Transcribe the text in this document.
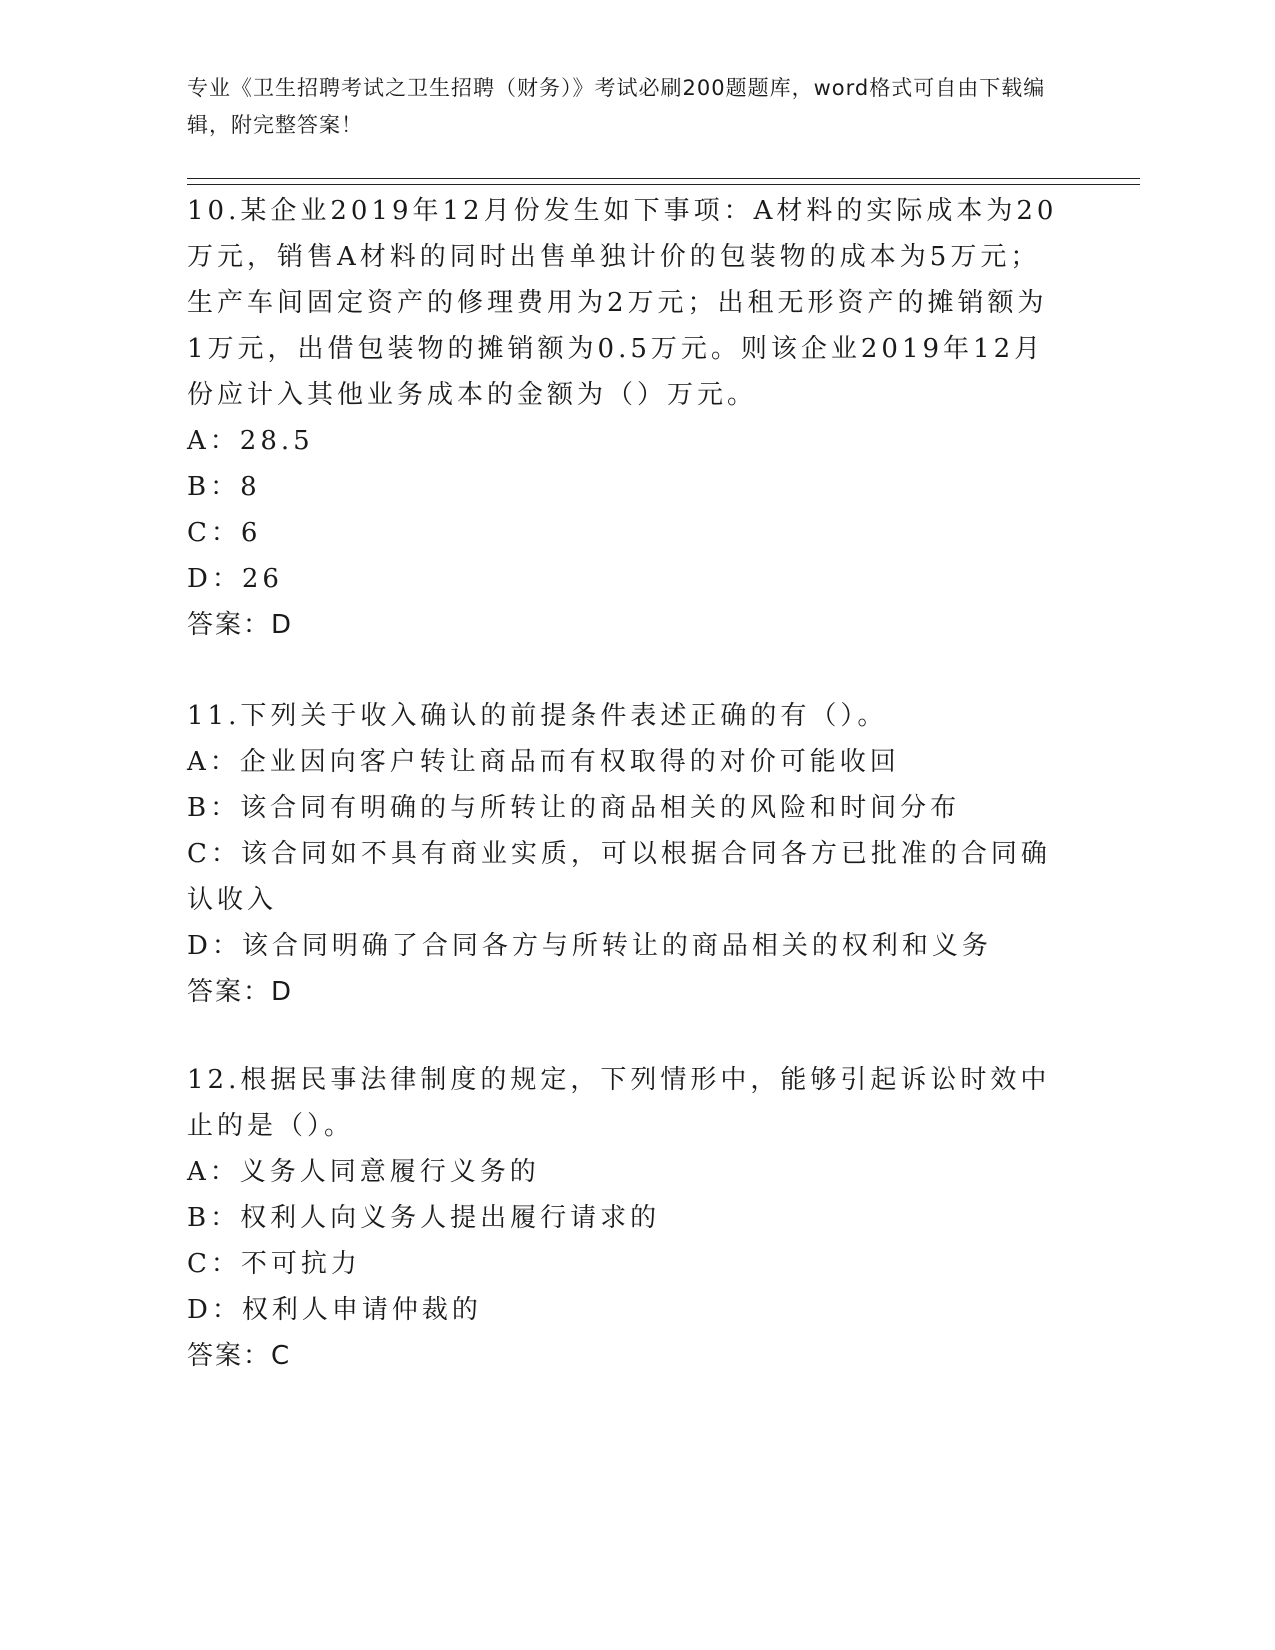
专业《卫生招聘考试之卫生招聘（财务）》考试必刷200题题库，word格式可自由下载编辑，附完整答案！

10.某企业2019年12月份发生如下事项：A材料的实际成本为20万元，销售A材料的同时出售单独计价的包装物的成本为5万元；生产车间固定资产的修理费用为2万元；出租无形资产的摊销额为1万元，出借包装物的摊销额为0.5万元。则该企业2019年12月份应计入其他业务成本的金额为（）万元。

A：28.5

B：8

C：6

D：26

答案：D

11.下列关于收入确认的前提条件表述正确的有（）。

A：企业因向客户转让商品而有权取得的对价可能收回

B：该合同有明确的与所转让的商品相关的风险和时间分布

C：该合同如不具有商业实质，可以根据合同各方已批准的合同确认收入

D：该合同明确了合同各方与所转让的商品相关的权利和义务

答案：D

12.根据民事法律制度的规定，下列情形中，能够引起诉讼时效中止的是（）。

A：义务人同意履行义务的

B：权利人向义务人提出履行请求的

C：不可抗力

D：权利人申请仲裁的

答案：C
